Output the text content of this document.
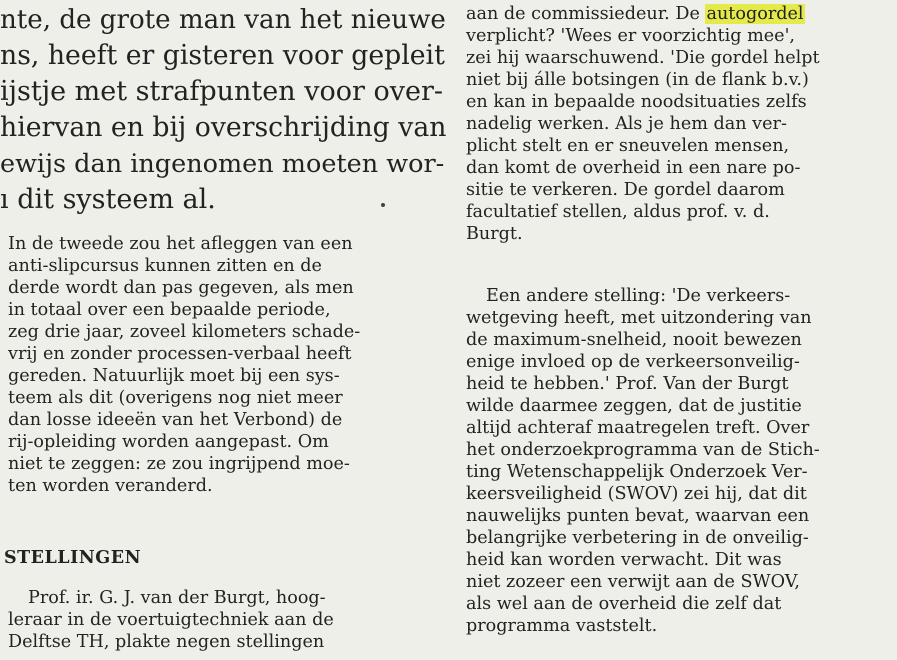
nte, de grote man van het nieuwe
ns, heeft er gisteren voor gepleit
ijstje met strafpunten voor over-
hiervan en bij overschrijding van
ewijs dan ingenomen moeten wor-
ı dit systeem al.
In de tweede zou het afleggen van een
anti-slipcursus kunnen zitten en de
derde wordt dan pas gegeven, als men
in totaal over een bepaalde periode,
zeg drie jaar, zoveel kilometers schade-
vrij en zonder processen-verbaal heeft
gereden. Natuurlijk moet bij een sys-
teem als dit (overigens nog niet meer
dan losse ideeën van het Verbond) de
rij-opleiding worden aangepast. Om
niet te zeggen: ze zou ingrijpend moe-
ten worden veranderd.
STELLINGEN
Prof. ir. G. J. van der Burgt, hoog-
leraar in de voertuigtechniek aan de
Delftse TH, plakte negen stellingen
aan de commissiedeur. De autogordel
verplicht? 'Wees er voorzichtig mee',
zei hij waarschuwend. 'Die gordel helpt
niet bij álle botsingen (in de flank b.v.)
en kan in bepaalde noodsituaties zelfs
nadelig werken. Als je hem dan ver-
plicht stelt en er sneuvelen mensen,
dan komt de overheid in een nare po-
sitie te verkeren. De gordel daarom
facultatief stellen, aldus prof. v. d.
Burgt.
Een andere stelling: 'De verkeers-
wetgeving heeft, met uitzondering van
de maximum-snelheid, nooit bewezen
enige invloed op de verkeersonveilig-
heid te hebben.' Prof. Van der Burgt
wilde daarmee zeggen, dat de justitie
altijd achteraf maatregelen treft. Over
het onderzoekprogramma van de Stich-
ting Wetenschappelijk Onderzoek Ver-
keersveiligheid (SWOV) zei hij, dat dit
nauwelijks punten bevat, waarvan een
belangrijke verbetering in de onveilig-
heid kan worden verwacht. Dit was
niet zozeer een verwijt aan de SWOV,
als wel aan de overheid die zelf dat
programma vaststelt.
